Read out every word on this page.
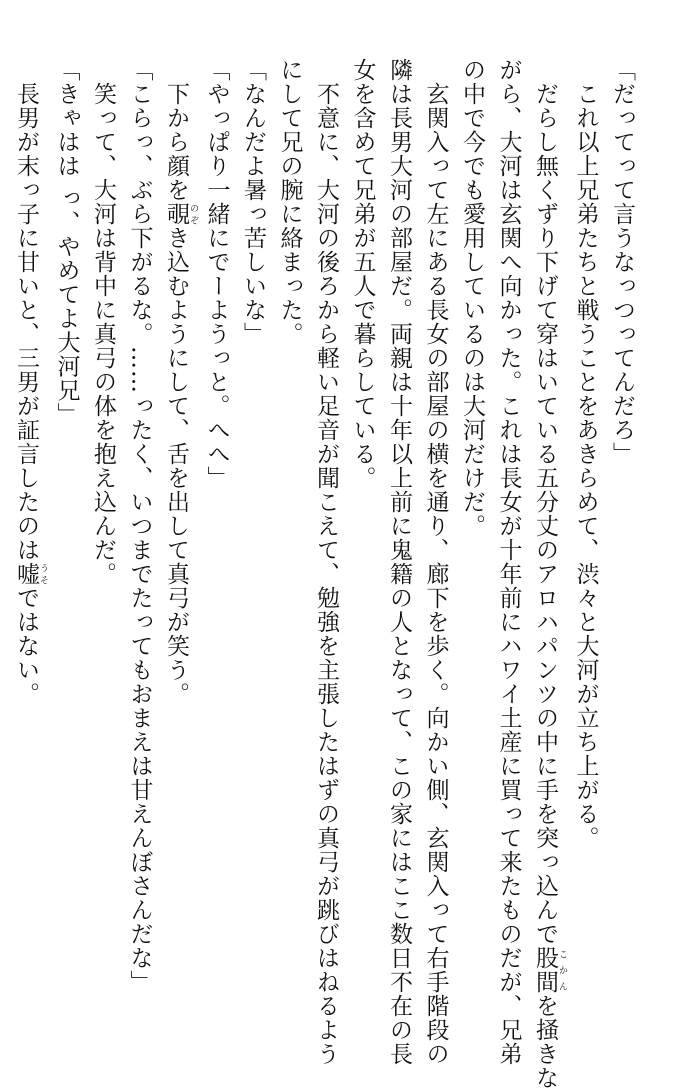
「だってって言うなっつってんだろ」

　これ以上兄弟たちと戦うことをあきらめて、渋々と大河が立ち上がる。

　だらし無くずり下げて穿はいている五分丈のアロハパンツの中に手を突っ込んで股間 こかんを掻きな

がら、大河は玄関へ向かった。これは長女が十年前にハワイ土産に買って来たものだが、兄弟

の中で今でも愛用しているのは大河だけだ。

　玄関入って左にある長女の部屋の横を通り、廊下を歩く。向かい側、玄関入って右手階段の

隣は長男大河の部屋だ。両親は十年以上前に鬼籍の人となって、この家にはここ数日不在の長

女を含めて兄弟が五人で暮らしている。

　不意に、大河の後ろから軽い足音が聞こえて、勉強を主張したはずの真弓が跳びはねるよう

にして兄の腕に絡まった。

「なんだよ暑っ苦しいな」

「やっぱり一緒にでーようっと。へへ」

　下から顔を覗 のぞき込むようにして、舌を出して真弓が笑う。

「こらっ、ぶら下がるな。……ったく、いつまでたってもおまえは甘えんぼさんだな」

　笑って、大河は背中に真弓の体を抱え込んだ。

「きゃはは っ、やめてよ大河兄」

　長男が末っ子に甘いと、三男が証言したのは嘘 うそではない。
